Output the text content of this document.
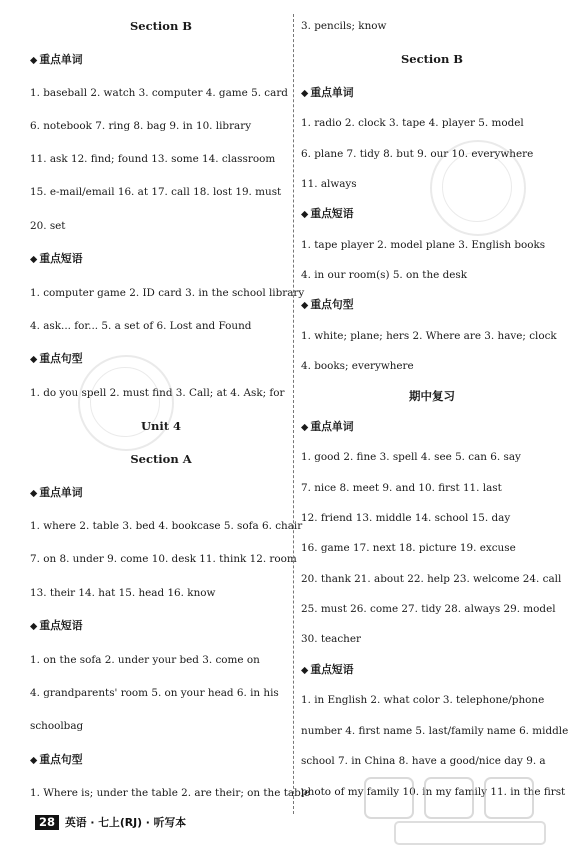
Section B
◆ 重点单词
1. baseball 2. watch 3. computer 4. game 5. card
6. notebook 7. ring 8. bag 9. in 10. library
11. ask 12. find; found 13. some 14. classroom
15. e-mail/email 16. at 17. call 18. lost 19. must
20. set
◆ 重点短语
1. computer game 2. ID card 3. in the school library
4. ask... for... 5. a set of 6. Lost and Found
◆ 重点句型
1. do you spell 2. must find 3. Call; at 4. Ask; for
Unit 4
Section A
◆ 重点单词
1. where 2. table 3. bed 4. bookcase 5. sofa 6. chair
7. on 8. under 9. come 10. desk 11. think 12. room
13. their 14. hat 15. head 16. know
◆ 重点短语
1. on the sofa 2. under your bed 3. come on
4. grandparents' room 5. on your head 6. in his
schoolbag
◆ 重点句型
1. Where is; under the table 2. are their; on the table
3. pencils; know
Section B
◆ 重点单词
1. radio 2. clock 3. tape 4. player 5. model
6. plane 7. tidy 8. but 9. our 10. everywhere
11. always
◆ 重点短语
1. tape player 2. model plane 3. English books
4. in our room(s) 5. on the desk
◆ 重点句型
1. white; plane; hers 2. Where are 3. have; clock
4. books; everywhere
期中复习
◆ 重点单词
1. good 2. fine 3. spell 4. see 5. can 6. say
7. nice 8. meet 9. and 10. first 11. last
12. friend 13. middle 14. school 15. day
16. game 17. next 18. picture 19. excuse
20. thank 21. about 22. help 23. welcome 24. call
25. must 26. come 27. tidy 28. always 29. model
30. teacher
◆ 重点短语
1. in English 2. what color 3. telephone/phone
number 4. first name 5. last/family name 6. middle
school 7. in China 8. have a good/nice day 9. a
photo of my family 10. in my family 11. in the first
28 英语 · 七上(RJ) · 听写本
